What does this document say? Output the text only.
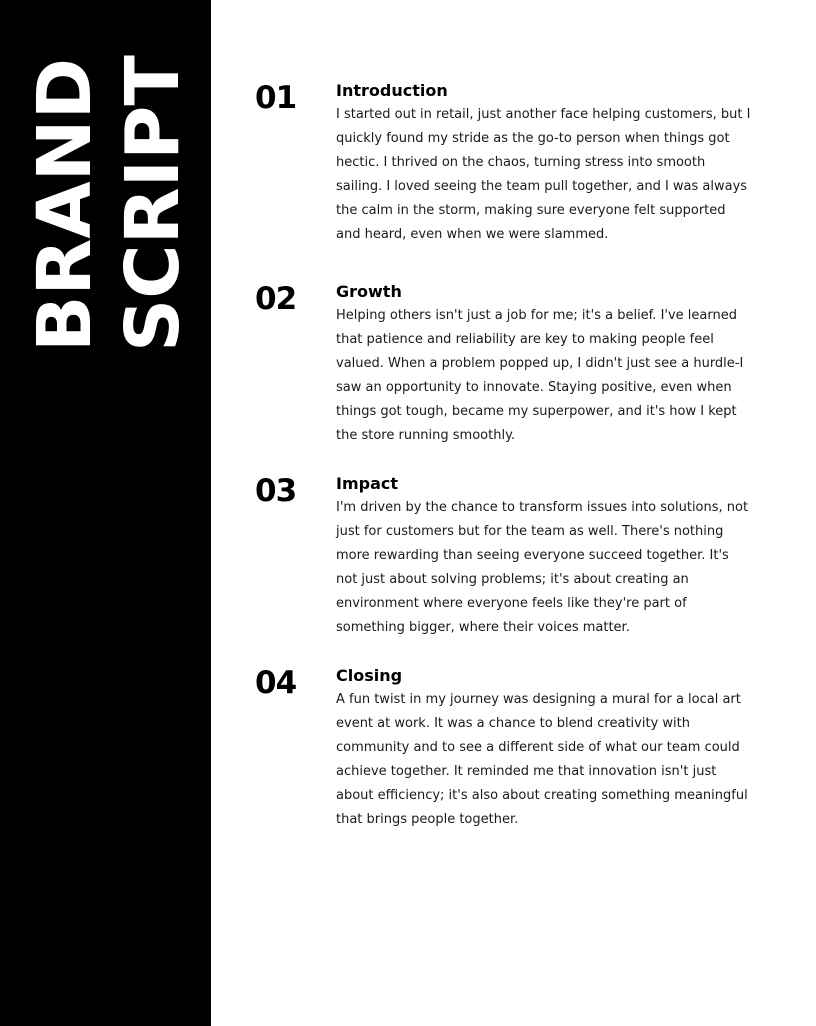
BRAND SCRIPT 01	Introduction

I started out in retail, just another face helping customers, but I quickly found my stride as the go-to person when things got hectic. I thrived on the chaos, turning stress into smooth sailing. I loved seeing the team pull together, and I was always the calm in the storm, making sure everyone felt supported and heard, even when we were slammed.

02	Growth

Helping others isn't just a job for me; it's a belief. I've learned that patience and reliability are key to making people feel valued. When a problem popped up, I didn't just see a hurdle-I saw an opportunity to innovate. Staying positive, even when things got tough, became my superpower, and it's how I kept the store running smoothly.

03	Impact

I'm driven by the chance to transform issues into solutions, not just for customers but for the team as well. There's nothing more rewarding than seeing everyone succeed together. It's not just about solving problems; it's about creating an environment where everyone feels like they're part of something bigger, where their voices matter.

04	Closing

A fun twist in my journey was designing a mural for a local art event at work. It was a chance to blend creativity with community and to see a different side of what our team could achieve together. It reminded me that innovation isn't just about efficiency; it's also about creating something meaningful that brings people together.
